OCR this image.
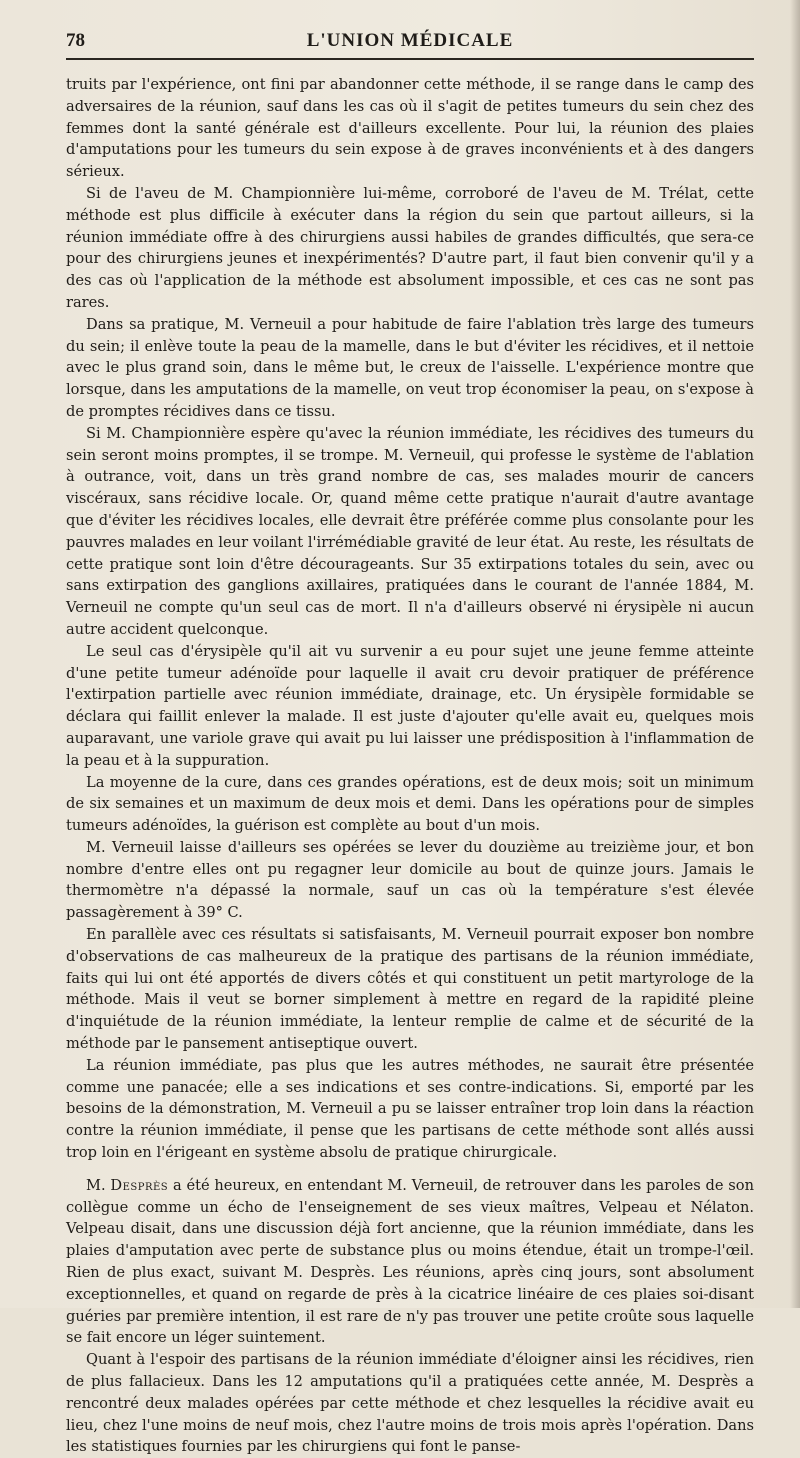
78	L'UNION MÉDICALE

truits par l'expérience, ont fini par abandonner cette méthode, il se range dans le camp des adversaires de la réunion, sauf dans les cas où il s'agit de petites tumeurs du sein chez des femmes dont la santé générale est d'ailleurs excellente. Pour lui, la réunion des plaies d'amputations pour les tumeurs du sein expose à de graves inconvénients et à des dangers sérieux.

Si de l'aveu de M. Championnière lui-même, corroboré de l'aveu de M. Trélat, cette méthode est plus difficile à exécuter dans la région du sein que partout ailleurs, si la réunion immédiate offre à des chirurgiens aussi habiles de grandes difficultés, que sera-ce pour des chirurgiens jeunes et inexpérimentés? D'autre part, il faut bien convenir qu'il y a des cas où l'application de la méthode est absolument impossible, et ces cas ne sont pas rares.

Dans sa pratique, M. Verneuil a pour habitude de faire l'ablation très large des tumeurs du sein; il enlève toute la peau de la mamelle, dans le but d'éviter les récidives, et il nettoie avec le plus grand soin, dans le même but, le creux de l'aisselle. L'expérience montre que lorsque, dans les amputations de la mamelle, on veut trop économiser la peau, on s'expose à de promptes récidives dans ce tissu.

Si M. Championnière espère qu'avec la réunion immédiate, les récidives des tumeurs du sein seront moins promptes, il se trompe. M. Verneuil, qui professe le système de l'ablation à outrance, voit, dans un très grand nombre de cas, ses malades mourir de cancers viscéraux, sans récidive locale. Or, quand même cette pratique n'aurait d'autre avantage que d'éviter les récidives locales, elle devrait être préférée comme plus consolante pour les pauvres malades en leur voilant l'irrémédiable gravité de leur état. Au reste, les résultats de cette pratique sont loin d'être décourageants. Sur 35 extirpations totales du sein, avec ou sans extirpation des ganglions axillaires, pratiquées dans le courant de l'année 1884, M. Verneuil ne compte qu'un seul cas de mort. Il n'a d'ailleurs observé ni érysipèle ni aucun autre accident quelconque.

Le seul cas d'érysipèle qu'il ait vu survenir a eu pour sujet une jeune femme atteinte d'une petite tumeur adénoïde pour laquelle il avait cru devoir pratiquer de préférence l'extirpation partielle avec réunion immédiate, drainage, etc. Un érysipèle formidable se déclara qui faillit enlever la malade. Il est juste d'ajouter qu'elle avait eu, quelques mois auparavant, une variole grave qui avait pu lui laisser une prédisposition à l'inflammation de la peau et à la suppuration.

La moyenne de la cure, dans ces grandes opérations, est de deux mois; soit un minimum de six semaines et un maximum de deux mois et demi. Dans les opérations pour de simples tumeurs adénoïdes, la guérison est complète au bout d'un mois.

M. Verneuil laisse d'ailleurs ses opérées se lever du douzième au treizième jour, et bon nombre d'entre elles ont pu regagner leur domicile au bout de quinze jours. Jamais le thermomètre n'a dépassé la normale, sauf un cas où la température s'est élevée passagèrement à 39° C.

En parallèle avec ces résultats si satisfaisants, M. Verneuil pourrait exposer bon nombre d'observations de cas malheureux de la pratique des partisans de la réunion immédiate, faits qui lui ont été apportés de divers côtés et qui constituent un petit martyrologe de la méthode. Mais il veut se borner simplement à mettre en regard de la rapidité pleine d'inquiétude de la réunion immédiate, la lenteur remplie de calme et de sécurité de la méthode par le pansement antiseptique ouvert.

La réunion immédiate, pas plus que les autres méthodes, ne saurait être présentée comme une panacée; elle a ses indications et ses contre-indications. Si, emporté par les besoins de la démonstration, M. Verneuil a pu se laisser entraîner trop loin dans la réaction contre la réunion immédiate, il pense que les partisans de cette méthode sont allés aussi trop loin en l'érigeant en système absolu de pratique chirurgicale.

M. Desprès a été heureux, en entendant M. Verneuil, de retrouver dans les paroles de son collègue comme un écho de l'enseignement de ses vieux maîtres, Velpeau et Nélaton. Velpeau disait, dans une discussion déjà fort ancienne, que la réunion immédiate, dans les plaies d'amputation avec perte de substance plus ou moins étendue, était un trompe-l'œil. Rien de plus exact, suivant M. Desprès. Les réunions, après cinq jours, sont absolument exceptionnelles, et quand on regarde de près à la cicatrice linéaire de ces plaies soi-disant guéries par première intention, il est rare de n'y pas trouver une petite croûte sous laquelle se fait encore un léger suintement.

Quant à l'espoir des partisans de la réunion immédiate d'éloigner ainsi les récidives, rien de plus fallacieux. Dans les 12 amputations qu'il a pratiquées cette année, M. Desprès a rencontré deux malades opérées par cette méthode et chez lesquelles la récidive avait eu lieu, chez l'une moins de neuf mois, chez l'autre moins de trois mois après l'opération. Dans les statistiques fournies par les chirurgiens qui font le panse-
